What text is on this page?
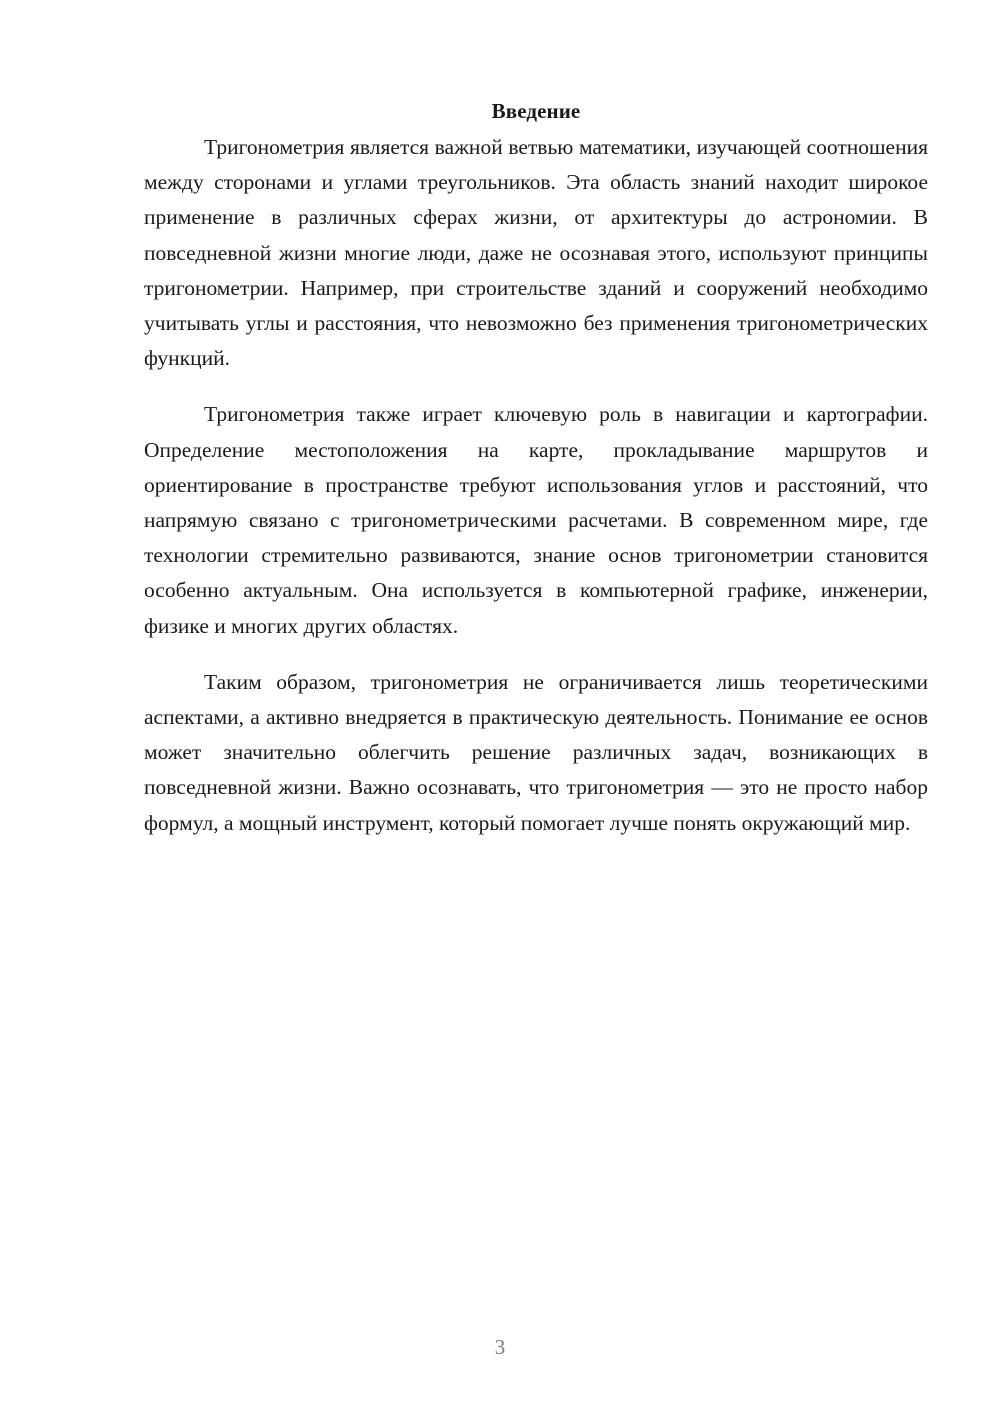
Введение

Тригонометрия является важной ветвью математики, изучающей соотношения между сторонами и углами треугольников. Эта область знаний находит широкое применение в различных сферах жизни, от архитектуры до астрономии. В повседневной жизни многие люди, даже не осознавая этого, используют принципы тригонометрии. Например, при строительстве зданий и сооружений необходимо учитывать углы и расстояния, что невозможно без применения тригонометрических функций.

Тригонометрия также играет ключевую роль в навигации и картографии. Определение местоположения на карте, прокладывание маршрутов и ориентирование в пространстве требуют использования углов и расстояний, что напрямую связано с тригонометрическими расчетами. В современном мире, где технологии стремительно развиваются, знание основ тригонометрии становится особенно актуальным. Она используется в компьютерной графике, инженерии, физике и многих других областях.

Таким образом, тригонометрия не ограничивается лишь теоретическими аспектами, а активно внедряется в практическую деятельность. Понимание ее основ может значительно облегчить решение различных задач, возникающих в повседневной жизни. Важно осознавать, что тригонометрия — это не просто набор формул, а мощный инструмент, который помогает лучше понять окружающий мир.

3
